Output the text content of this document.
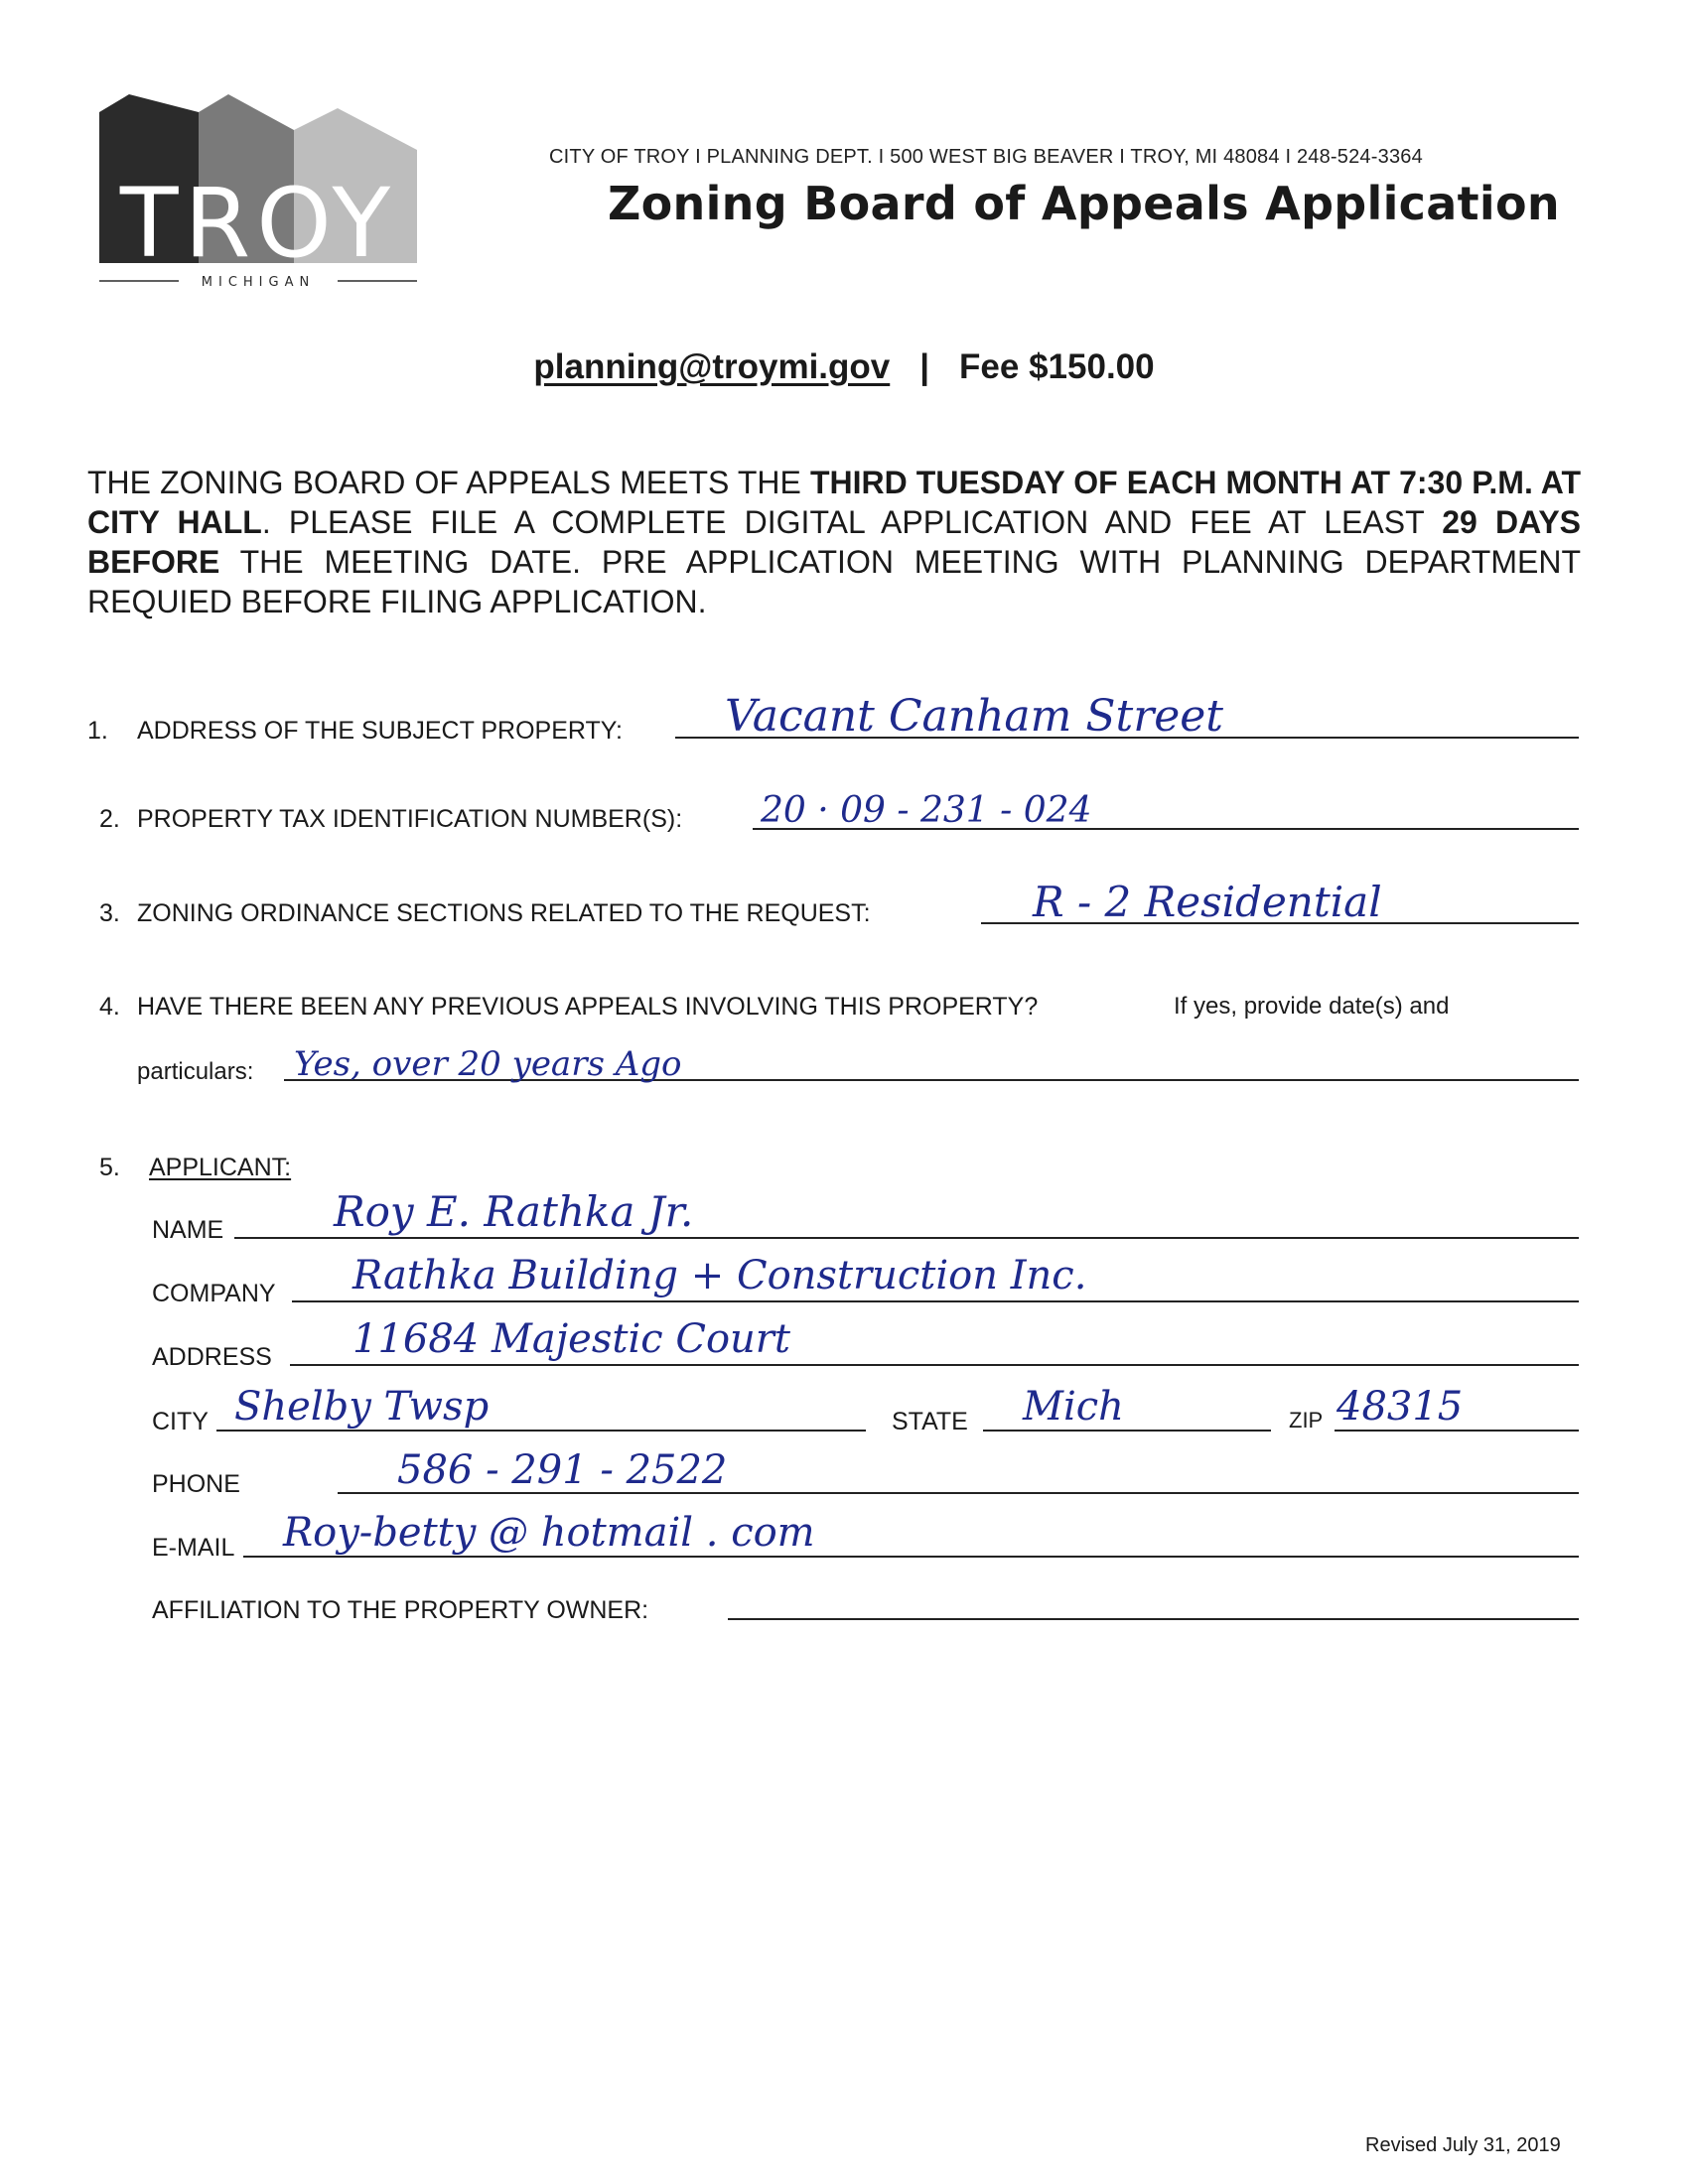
TROY
MICHIGAN
CITY OF TROY I PLANNING DEPT. I 500 WEST BIG BEAVER I TROY, MI 48084 I 248-524-3364
Zoning Board of Appeals Application
planning@troymi.gov | Fee $150.00
THE ZONING BOARD OF APPEALS MEETS THE THIRD TUESDAY OF EACH MONTH AT 7:30 P.M. AT CITY HALL. PLEASE FILE A COMPLETE DIGITAL APPLICATION AND FEE AT LEAST 29 DAYS BEFORE THE MEETING DATE. PRE APPLICATION MEETING WITH PLANNING DEPARTMENT REQUIED BEFORE FILING APPLICATION.
1. ADDRESS OF THE SUBJECT PROPERTY: Vacant Canham Street
2. PROPERTY TAX IDENTIFICATION NUMBER(S): 20 · 09 - 231 - 024
3. ZONING ORDINANCE SECTIONS RELATED TO THE REQUEST:	R - 2 Residential
4. HAVE THERE BEEN ANY PREVIOUS APPEALS INVOLVING THIS PROPERTY?	If yes, provide date(s) and
particulars: Yes, over 20 years Ago
5. APPLICANT:
NAME	Roy E. Rathka Jr.
COMPANY Rathka Building + Construction Inc.
ADDRESS 11684 Majestic Court
CITY Shelby Twsp	STATE Mich	ZIP 48315
PHONE	586 - 291 - 2522
E-MAIL Roy-betty @ hotmail . com
AFFILIATION TO THE PROPERTY OWNER:
Revised July 31, 2019
